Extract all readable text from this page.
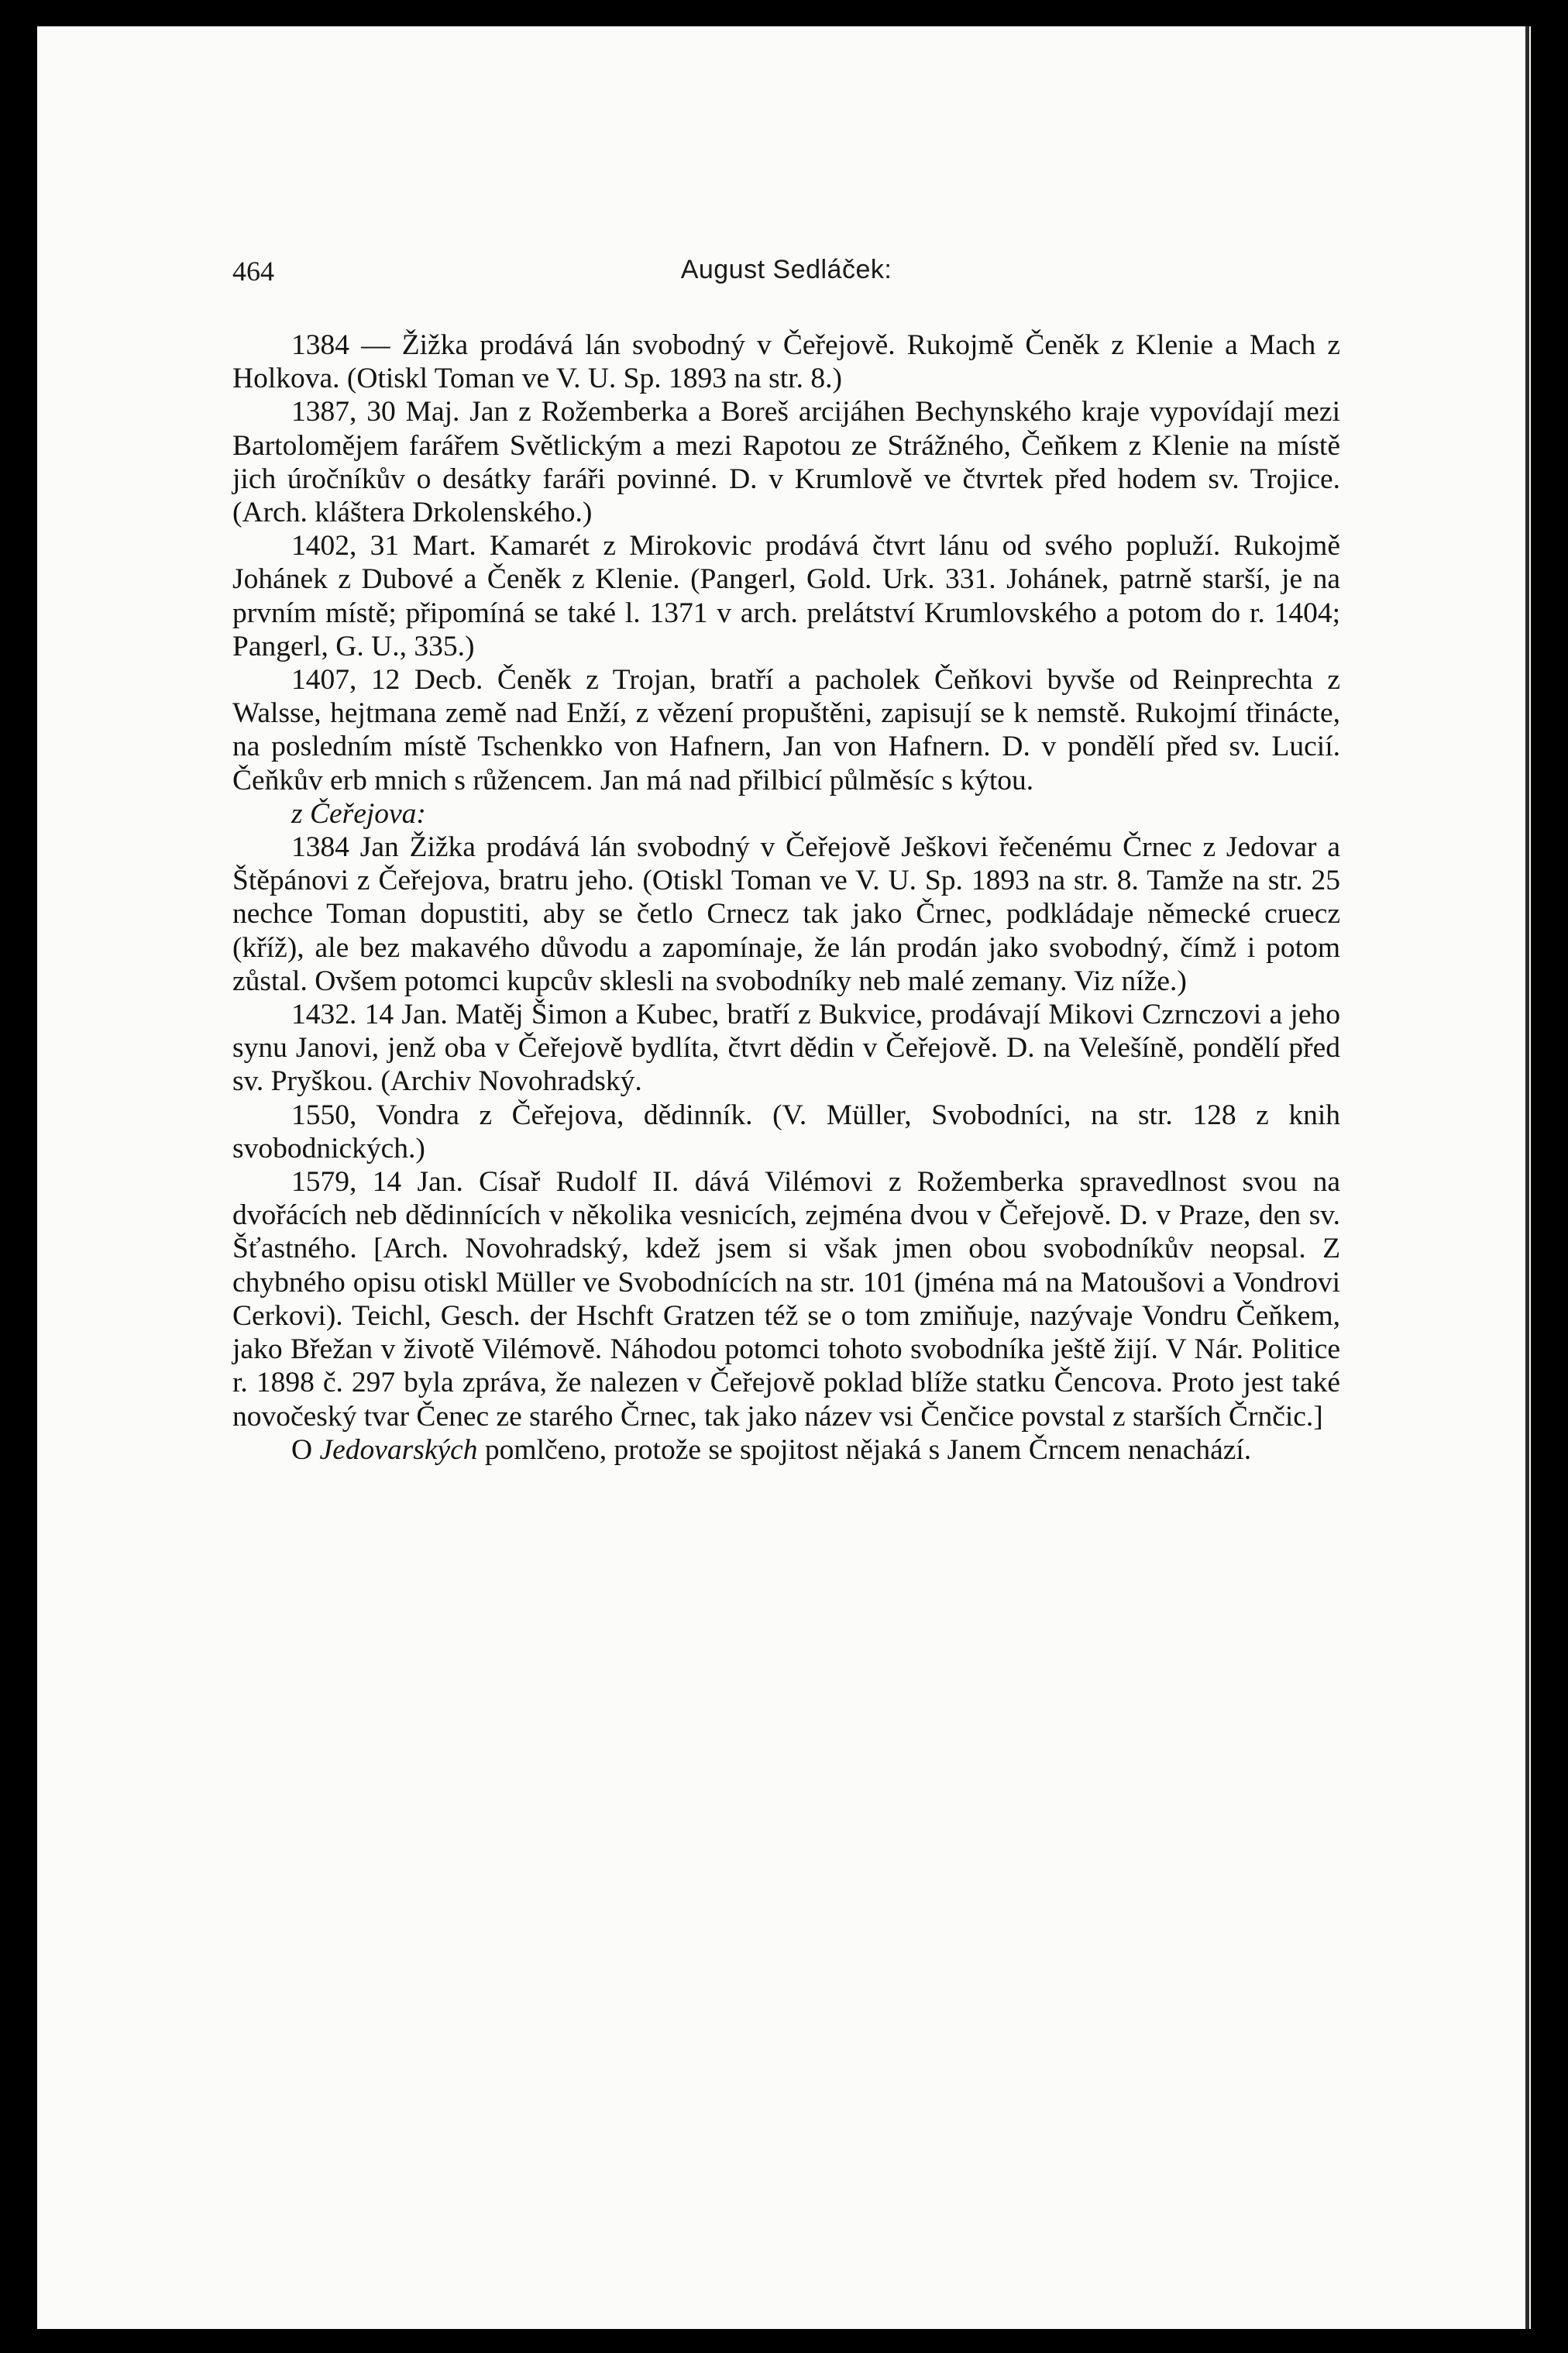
464	August Sedláček:

1384 — Žižka prodává lán svobodný v Čeřejově. Rukojmě Čeněk z Klenie a Mach z Holkova. (Otiskl Toman ve V. U. Sp. 1893 na str. 8.)

1387, 30 Maj. Jan z Rožemberka a Boreš arcijáhen Bechynského kraje vypovídají mezi Bartolomějem farářem Světlickým a mezi Rapotou ze Strážného, Čeňkem z Klenie na místě jich úročníkův o desátky faráři povinné. D. v Krumlově ve čtvrtek před hodem sv. Trojice. (Arch. kláštera Drkolenského.)

1402, 31 Mart. Kamarét z Mirokovic prodává čtvrt lánu od svého popluží. Rukojmě Johánek z Dubové a Čeněk z Klenie. (Pangerl, Gold. Urk. 331. Johánek, patrně starší, je na prvním místě; připomíná se také l. 1371 v arch. prelátství Krumlovského a potom do r. 1404; Pangerl, G. U., 335.)

1407, 12 Decb. Čeněk z Trojan, bratří a pacholek Čeňkovi byvše od Reinprechta z Walsse, hejtmana země nad Enží, z vězení propuštěni, zapisují se k nemstě. Rukojmí třinácte, na posledním místě Tschenkko von Hafnern, Jan von Hafnern. D. v pondělí před sv. Lucií. Čeňkův erb mnich s růžencem. Jan má nad přilbicí půlměsíc s kýtou.

z Čeřejova:

1384 Jan Žižka prodává lán svobodný v Čeřejově Ješkovi řečenému Črnec z Jedovar a Štěpánovi z Čeřejova, bratru jeho. (Otiskl Toman ve V. U. Sp. 1893 na str. 8. Tamže na str. 25 nechce Toman dopustiti, aby se četlo Crnecz tak jako Črnec, podkládaje německé cruecz (kříž), ale bez makavého důvodu a zapomínaje, že lán prodán jako svobodný, čímž i potom zůstal. Ovšem potomci kupcův sklesli na svobodníky neb malé zemany. Viz níže.)

1432. 14 Jan. Matěj Šimon a Kubec, bratří z Bukvice, prodávají Mikovi Czrnczovi a jeho synu Janovi, jenž oba v Čeřejově bydlíta, čtvrt dědin v Čeřejově. D. na Velešíně, pondělí před sv. Pryškou. (Archiv Novohradský.

1550, Vondra z Čeřejova, dědinník. (V. Müller, Svobodníci, na str. 128 z knih svobodnických.)

1579, 14 Jan. Císař Rudolf II. dává Vilémovi z Rožemberka spravedlnost svou na dvořácích neb dědinnících v několika vesnicích, zejména dvou v Čeřejově. D. v Praze, den sv. Šťastného. [Arch. Novohradský, kdež jsem si však jmen obou svobodníkův neopsal. Z chybného opisu otiskl Müller ve Svobodnících na str. 101 (jména má na Matoušovi a Vondrovi Cerkovi). Teichl, Gesch. der Hschft Gratzen též se o tom zmiňuje, nazývaje Vondru Čeňkem, jako Břežan v životě Vilémově. Náhodou potomci tohoto svobodníka ještě žijí. V Nár. Politice r. 1898 č. 297 byla zpráva, že nalezen v Čeřejově poklad blíže statku Čencova. Proto jest také novočeský tvar Čenec ze starého Črnec, tak jako název vsi Čenčice povstal z starších Črnčic.]

O Jedovarských pomlčeno, protože se spojitost nějaká s Janem Črncem nenachází.
